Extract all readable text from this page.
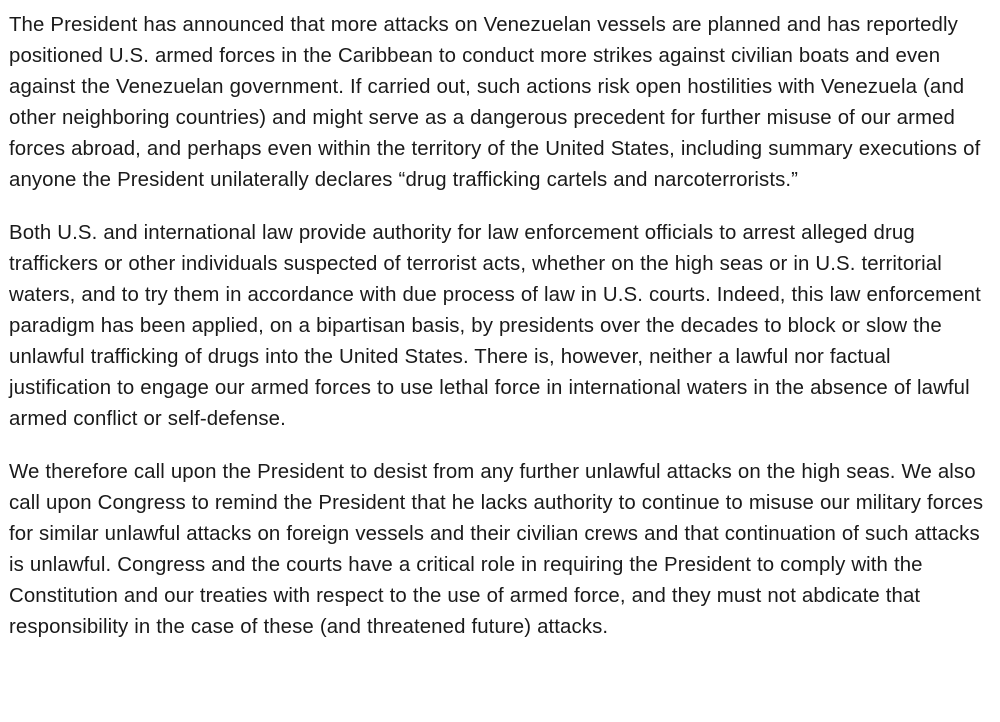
The President has announced that more attacks on Venezuelan vessels are planned and has reportedly positioned U.S. armed forces in the Caribbean to conduct more strikes against civilian boats and even against the Venezuelan government. If carried out, such actions risk open hostilities with Venezuela (and other neighboring countries) and might serve as a dangerous precedent for further misuse of our armed forces abroad, and perhaps even within the territory of the United States, including summary executions of anyone the President unilaterally declares “drug trafficking cartels and narcoterrorists.”

Both U.S. and international law provide authority for law enforcement officials to arrest alleged drug traffickers or other individuals suspected of terrorist acts, whether on the high seas or in U.S. territorial waters, and to try them in accordance with due process of law in U.S. courts. Indeed, this law enforcement paradigm has been applied, on a bipartisan basis, by presidents over the decades to block or slow the unlawful trafficking of drugs into the United States. There is, however, neither a lawful nor factual justification to engage our armed forces to use lethal force in international waters in the absence of lawful armed conflict or self-defense.

We therefore call upon the President to desist from any further unlawful attacks on the high seas. We also call upon Congress to remind the President that he lacks authority to continue to misuse our military forces for similar unlawful attacks on foreign vessels and their civilian crews and that continuation of such attacks is unlawful. Congress and the courts have a critical role in requiring the President to comply with the Constitution and our treaties with respect to the use of armed force, and they must not abdicate that responsibility in the case of these (and threatened future) attacks.
